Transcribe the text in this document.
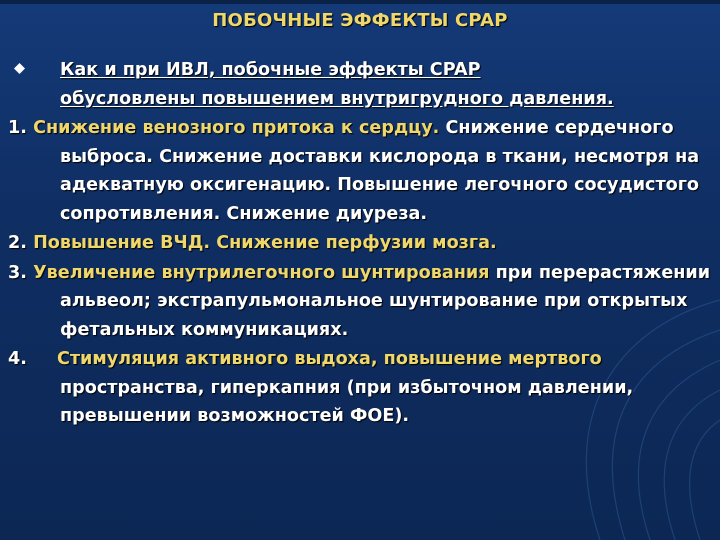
ПОБОЧНЫЕ ЭФФЕКТЫ CPAP
Как и при ИВЛ, побочные эффекты CPAP
обусловлены повышением внутригрудного давления.
1. Снижение венозного притока к сердцу. Снижение сердечного выброса. Снижение доставки кислорода в ткани, несмотря на адекватную оксигенацию. Повышение легочного сосудистого сопротивления. Снижение диуреза.
2. Повышение ВЧД. Снижение перфузии мозга.
3. Увеличение внутрилегочного шунтирования при перерастяжении альвеол; экстрапульмональное шунтирование при открытых фетальных коммуникациях.
4. Стимуляция активного выдоха, повышение мертвого пространства, гиперкапния (при избыточном давлении, превышении возможностей ФОЕ).
